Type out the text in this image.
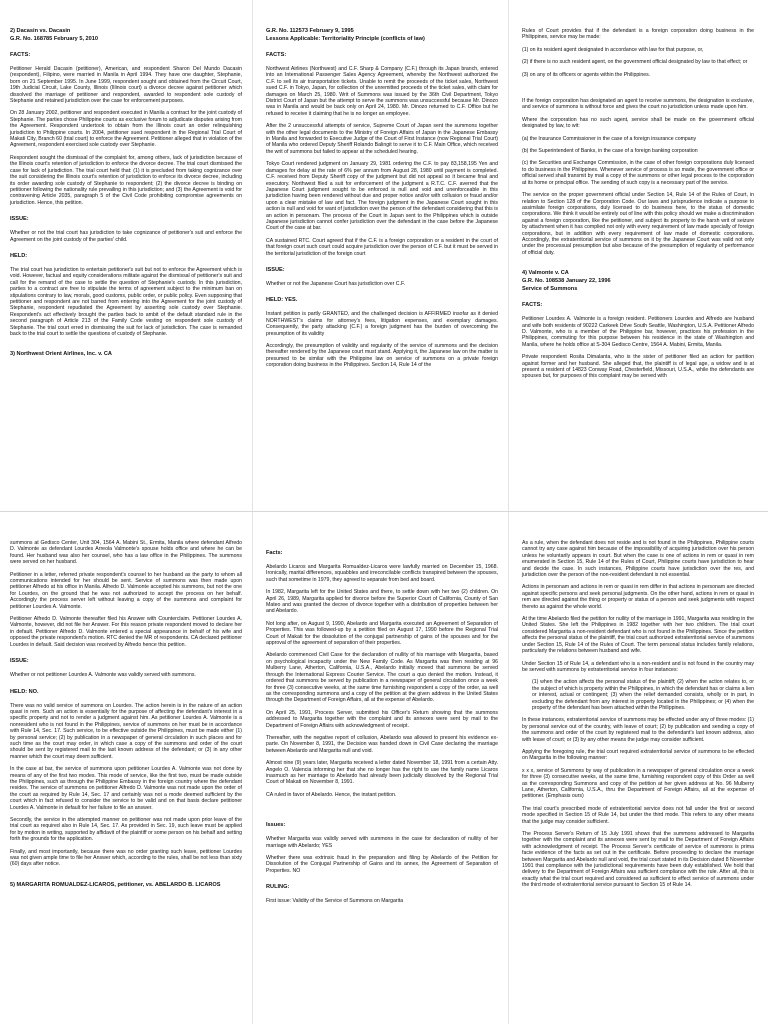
2) Dacasin vs. Dacasin
G.R. No. 168785 February 5, 2010
FACTS:
Petitioner Herald Dacasin (petitioner), American, and respondent Sharon Del Mundo Dacasin (respondent), Filipino, were married in Manila in April 1994. They have one daughter, Stephanie, born on 21 September 1995. In June 1999, respondent sought and obtained from the Circuit Court, 19th Judicial Circuit, Lake County, Illinois (Illinois court) a divorce decree against petitioner which dissolved the marriage of petitioner and respondent, awarded to respondent sole custody of Stephanie and retained jurisdiction over the case for enforcement purposes.
On 28 January 2002, petitioner and respondent executed in Manila a contract for the joint custody of Stephanie. The parties chose Philippine courts as exclusive forum to adjudicate disputes arising from the Agreement. Respondent undertook to obtain from the Illinois court an order relinquishing jurisdiction to Philippine courts. In 2004, petitioner sued respondent in the Regional Trial Court of Makati City, Branch 60 (trial court) to enforce the Agreement. Petitioner alleged that in violation of the Agreement, respondent exercised sole custody over Stephanie.
Respondent sought the dismissal of the complaint for, among others, lack of jurisdiction because of the Illinois court's retention of jurisdiction to enforce the divorce decree. The trial court dismissed the case for lack of jurisdiction. The trial court held that: (1) it is precluded from taking cognizance over the suit considering the Illinois court's retention of jurisdiction to enforce its divorce decree, including its order awarding sole custody of Stephanie to respondent; (2) the divorce decree is binding on petitioner following the nationality rule prevailing in this jurisdiction; and (3) the Agreement is void for contravening Article 2035, paragraph 5 of the Civil Code prohibiting compromise agreements on jurisdiction. Hence, this petition.
ISSUE:
Whether or not the trial court has jurisdiction to take cognizance of petitioner's suit and enforce the Agreement on the joint custody of the parties' child.
HELD:
The trial court has jurisdiction to entertain petitioner's suit but not to enforce the Agreement which is void. However, factual and equity considerations militate against the dismissal of petitioner's suit and call for the remand of the case to settle the question of Stephanie's custody. In this jurisdiction, parties to a contract are free to stipulate the terms of agreement subject to the minimum ban on stipulations contrary to law, morals, good customs, public order, or public policy. Even supposing that petitioner and respondent are not barred from entering into the Agreement for the joint custody of Stephanie, respondent repudiated the Agreement by asserting sole custody over Stephanie. Respondent's act effectively brought the parties back to ambit of the default standard rule in the second paragraph of Article 213 of the Family Code vesting on respondent sole custody of Stephanie. The trial court erred in dismissing the suit for lack of jurisdiction. The case is remanded back to the trial court to settle the questions of custody of Stephanie.
3) Northwest Orient Airlines, Inc. v. CA
G.R. No. 112573 February 9, 1995
Lessons Applicable: Territoriality Principle (conflicts of law)
FACTS:
Northwest Airlines (Northwest) and C.F. Sharp & Company (C.F.) through its Japan branch, entered into an International Passenger Sales Agency Agreement, whereby the Northwest authorized the C.F. to sell its air transportation tickets. Unable to remit the proceeds of the ticket sales, Northwest sued C.F. in Tokyo, Japan, for collection of the unremitted proceeds of the ticket sales, with claim for damages on March 25, 1980. Writ of Summons was issued by the 36th Civil Department, Tokyo District Court of Japan but the attempt to serve the summons was unsuccessful because Mr. Dinozo was in Manila and would be back only on April 24, 1980. Mr. Dinozo returned to C.F. Office but he refused to receive it claiming that he is no longer an employee.
After the 2 unsuccessful attempts of service, Supreme Court of Japan sent the summons together with the other legal documents to the Ministry of Foreign Affairs of Japan in the Japanese Embassy in Manila and forwarded to Executive Judge of the Court of First Instance (now Regional Trial Court) of Manila who ordered Deputy Sheriff Rolando Balingit to serve it to C.F. Main Office, which received the writ of summons but failed to appear at the scheduled hearing.
Tokyo Court rendered judgment on January 29, 1981 ordering the C.F. to pay 83,158,195 Yen and damages for delay at the rate of 6% per annum from August 28, 1980 until payment is completed. C.F. received from Deputy Sheriff copy of the judgment but did not appeal so it became final and executory. Northwest filed a suit for enforcement of the judgment a R.T.C. C.F. averred that the Japanese Court judgment sought to be enforced is null and void and unenforceable in this jurisdiction having been rendered without due and proper notice and/or with collusion or fraud and/or upon a clear mistake of law and fact. The foreign judgment in the Japanese Court sought in this action is null and void for want of jurisdiction over the person of the defendant considering that this is an action in personam. The process of the Court in Japan sent to the Philippines which is outside Japanese jurisdiction cannot confer jurisdiction over the defendant in the case before the Japanese Court of the case at bar.
CA sustained RTC. Court agreed that if the C.F. is a foreign corporation or a resident in the court of that foreign court such court could acquire jurisdiction over the person of C.F. but it must be served in the territorial jurisdiction of the foreign court
ISSUE:
Whether or not the Japanese Court has jurisdiction over C.F.
HELD: YES.
Instant petition is partly GRANTED, and the challenged decision is AFFIRMED insofar as it denied NORTHWEST's claims for attorney's fees, litigation expenses, and exemplary damages. Consequently, the party attacking (C.F.) a foreign judgment has the burden of overcoming the presumption of its validity
Accordingly, the presumption of validity and regularity of the service of summons and the decision thereafter rendered by the Japanese court must stand. Applying it, the Japanese law on the matter is presumed to be similar with the Philippine law on service of summons on a private foreign corporation doing business in the Philippines. Section 14, Rule 14 of the
Rules of Court provides that if the defendant is a foreign corporation doing business in the Philippines, service may be made:
(1) on its resident agent designated in accordance with law for that purpose, or,
(2) if there is no such resident agent, on the government official designated by law to that effect; or
(3) on any of its officers or agents within the Philippines.
If the foreign corporation has designated an agent to receive summons, the designation is exclusive, and service of summons is without force and gives the court no jurisdiction unless made upon him.
Where the corporation has no such agent, service shall be made on the government official designated by law, to wit:
(a) the Insurance Commissioner in the case of a foreign insurance company
(b) the Superintendent of Banks, in the case of a foreign banking corporation
(c) the Securities and Exchange Commission, in the case of other foreign corporations duly licensed to do business in the Philippines. Whenever service of process is so made, the government office or official served shall transmit by mail a copy of the summons or other legal process to the corporation at its home or principal office. The sending of such copy is a necessary part of the service.
The service on the proper government official under Section 14, Rule 14 of the Rules of Court, in relation to Section 128 of the Corporation Code. Our laws and jurisprudence indicate a purpose to assimilate foreign corporations, duly licensed to do business here, to the status of domestic corporations. We think it would be entirely out of line with this policy should we make a discrimination against a foreign corporation, like the petitioner, and subject its property to the harsh writ of seizure by attachment when it has complied not only with every requirement of law made specially of foreign corporations, but in addition with every requirement of law made of domestic corporations. Accordingly, the extraterritorial service of summons on it by the Japanese Court was valid not only under the processual presumption but also because of the presumption of regularity of performance of official duty.
4) Valmonte v. CA
G.R. No. 108538 January 22, 1996
Service of Summons
FACTS:
Petitioner Lourdes A. Valmonte is a foreign resident. Petitioners Lourdes and Alfredo are husband and wife both residents of 90222 Carkeek Drive South Seattle, Washington, U.S.A. Petitioner Alfredo D. Valmonte, who is a member of the Philippine bar, however, practices his profession in the Philippines, commuting for this purpose between his residence in the state of Washington and Manila, where he holds office at S-304 Gedisco Centre, 1564 A. Mabini, Ermita, Manila.
Private respondent Rosita Dimalanta, who is the sister of petitioner filed an action for partition against former and her husband. She alleged that, the plaintiff is of legal age, a widow and is at present a resident of 14823 Conway Road, Chesterfield, Missouri, U.S.A., while the defendants are spouses but, for purposes of this complaint may be served with
summons at Gedisco Center, Unit 304, 1564 A. Mabini St., Ermita, Manila where defendant Alfredo D. Valmonte as defendant Lourdes Arreola Valmonte's spouse holds office and where he can be found. Her husband was also her counsel, who has a law office in the Philippines. The summons were served on her husband.
Petitioner in a letter, referred private respondent's counsel to her husband as the party to whom all communications intended for her should be sent. Service of summons was then made upon petitioner Alfredo at his office in Manila. Alfredo D. Valmonte accepted his summons, but not the one for Lourdes, on the ground that he was not authorized to accept the process on her behalf. Accordingly the process server left without leaving a copy of the summons and complaint for petitioner Lourdes A. Valmonte.
Petitioner Alfredo D. Valmonte thereafter filed his Answer with Counterclaim. Petitioner Lourdes A. Valmonte, however, did not file her Answer. For this reason private respondent moved to declare her in default. Petitioner Alfredo D. Valmonte entered a special appearance in behalf of his wife and opposed the private respondent's motion. RTC denied the MR of respondents. CA declared petitioner Lourdes in default. Said decision was received by Alfredo hence this petition.
ISSUE:
Whether or not petitioner Lourdes A. Valmonte was validly served with summons.
HELD: NO.
There was no valid service of summons on Lourdes. The action herein is in the nature of an action quasi in rem. Such an action is essentially for the purpose of affecting the defendant's interest in a specific property and not to render a judgment against him. As petitioner Lourdes A. Valmonte is a nonresident who is not found in the Philippines, service of summons on her must be in accordance with Rule 14, Sec. 17. Such service, to be effective outside the Philippines, must be made either (1) by personal service; (2) by publication in a newspaper of general circulation in such places and for such time as the court may order, in which case a copy of the summons and order of the court should be sent by registered mail to the last known address of the defendant; or (3) in any other manner which the court may deem sufficient.
In the case at bar, the service of summons upon petitioner Lourdes A. Valmonte was not done by means of any of the first two modes. This mode of service, like the first two, must be made outside the Philippines, such as through the Philippine Embassy in the foreign country where the defendant resides. The service of summons on petitioner Alfredo D. Valmonte was not made upon the order of the court as required by Rule 14, Sec. 17 and certainly was not a mode deemed sufficient by the court which in fact refused to consider the service to be valid and on that basis declare petitioner Lourdes A. Valmonte in default for her failure to file an answer.
Secondly, the service in the attempted manner on petitioner was not made upon prior leave of the trial court as required also in Rule 14, Sec. 17. As provided in Sec. 19, such leave must be applied for by motion in writing, supported by affidavit of the plaintiff or some person on his behalf and setting forth the grounds for the application.
Finally, and most importantly, because there was no order granting such leave, petitioner Lourdes was not given ample time to file her Answer which, according to the rules, shall be not less than sixty (60) days after notice.
5) MARGARITA ROMUALDEZ-LICAROS, petitioner, vs. ABELARDO B. LICAROS
Facts:
Abelardo Licaros and Margarita Romualdez-Licaros were lawfully married on December 15, 1968. Ironically, marital differences, squabbles and irreconcilable conflicts transpired between the spouses, such that sometime in 1979, they agreed to separate from bed and board.
In 1982, Margarita left for the United States and there, to settle down with her two (2) children. On April 26, 1989, Margarita applied for divorce before the Superior Court of California, County of San Mateo and was granted the decree of divorce together with a distribution of properties between her and Abelardo.
Not long after, on August 9, 1990, Abelardo and Margarita executed an Agreement of Separation of Properties. This was followed-up by a petition filed on August 17, 1990 before the Regional Trial Court of Makati for the dissolution of the conjugal partnership of gains of the spouses and for the approval of the agreement of separation of their properties.
Abelardo commenced Civil Case for the declaration of nullity of his marriage with Margarita, based on psychological incapacity under the New Family Code. As Margarita was then residing at 96 Mulberry Lane, Atherton, California, U.S.A., Abelardo initially moved that summons be served through the International Express Courier Service. The court a quo denied the motion. Instead, it ordered that summons be served by publication in a newspaper of general circulation once a week for three (3) consecutive weeks, at the same time furnishing respondent a copy of the order, as well as the corresponding summons and a copy of the petition at the given address in the United States through the Department of Foreign Affairs, all at the expense of Abelardo.
On April 25, 1991, Process Server, submitted his Officer's Return showing that the summons addressed to Margarita together with the complaint and its annexes were sent by mail to the Department of Foreign Affairs with acknowledgment of receipt.
Thereafter, with the negative report of collusion, Abelardo was allowed to present his evidence ex-parte. On November 8, 1991, the Decision was handed down in Civil Case declaring the marriage between Abelardo and Margarita null and void.
Almost nine (9) years later, Margarita received a letter dated November 18, 1991 from a certain Atty. Angelo O. Valencia informing her that she no longer has the right to use the family name Licaros inasmuch as her marriage to Abelardo had already been judicially dissolved by the Regional Trial Court of Makati on November 8, 1991.
CA ruled in favor of Abelardo. Hence, the instant petition.
Issues:
Whether Margarita was validly served with summons in the case for declaration of nullity of her marriage with Abelardo; YES
Whether there was extrinsic fraud in the preparation and filing by Abelardo of the Petition for Dissolution of the Conjugal Partnership of Gains and its annex, the Agreement of Separation of Properties. NO
RULING:
First issue: Validity of the Service of Summons on Margarita
As a rule, when the defendant does not reside and is not found in the Philippines, Philippine courts cannot try any case against him because of the impossibility of acquiring jurisdiction over his person unless he voluntarily appears in court. But when the case is one of actions in rem or quasi in rem enumerated in Section 15, Rule 14 of the Rules of Court, Philippine courts have jurisdiction to hear and decide the case. In such instances, Philippine courts have jurisdiction over the res, and jurisdiction over the person of the non-resident defendant is not essential.
Actions in personam and actions in rem or quasi in rem differ in that actions in personam are directed against specific persons and seek personal judgments. On the other hand, actions in rem or quasi in rem are directed against the thing or property or status of a person and seek judgments with respect thereto as against the whole world.
At the time Abelardo filed the petition for nullity of the marriage in 1991, Margarita was residing in the United States. She left the Philippines in 1982 together with her two children. The trial court considered Margarita a non-resident defendant who is not found in the Philippines. Since the petition affects the personal status of the plaintiff, the trial court authorized extraterritorial service of summons under Section 15, Rule 14 of the Rules of Court. The term personal status includes family relations, particularly the relations between husband and wife.
Under Section 15 of Rule 14, a defendant who is a non-resident and is not found in the country may be served with summons by extraterritorial service in four instances:
(1) when the action affects the personal status of the plaintiff; (2) when the action relates to, or the subject of which is property within the Philippines, in which the defendant has or claims a lien or interest, actual or contingent; (3) when the relief demanded consists, wholly or in part, in excluding the defendant from any interest in property located in the Philippines; or (4) when the property of the defendant has been attached within the Philippines.
In these instances, extraterritorial service of summons may be effected under any of three modes: (1) by personal service out of the country, with leave of court; (2) by publication and sending a copy of the summons and order of the court by registered mail to the defendant's last known address, also with leave of court; or (3) by any other means the judge may consider sufficient.
Applying the foregoing rule, the trial court required extraterritorial service of summons to be effected on Margarita in the following manner:
x x x, service of Summons by way of publication in a newspaper of general circulation once a week for three (3) consecutive weeks, at the same time, furnishing respondent copy of this Order as well as the corresponding Summons and copy of the petition at her given address at No. 96 Mulberry Lane, Atherton, California, U.S.A., thru the Department of Foreign Affairs, all at the expense of petitioner. (Emphasis ours)
The trial court's prescribed mode of extraterritorial service does not fall under the first or second mode specified in Section 15 of Rule 14, but under the third mode. This refers to any other means that the judge may consider sufficient.
The Process Server's Return of 15 July 1991 shows that the summons addressed to Margarita together with the complaint and its annexes were sent by mail to the Department of Foreign Affairs with acknowledgment of receipt. The Process Server's certificate of service of summons is prima facie evidence of the facts as set out in the certificate. Before proceeding to declare the marriage between Margarita and Abelardo null and void, the trial court stated in its Decision dated 8 November 1991 that compliance with the jurisdictional requirements have been duly established. We hold that delivery to the Department of Foreign Affairs was sufficient compliance with the rule. After all, this is exactly what the trial court required and considered as sufficient to effect service of summons under the third mode of extraterritorial service pursuant to Section 15 of Rule 14.
